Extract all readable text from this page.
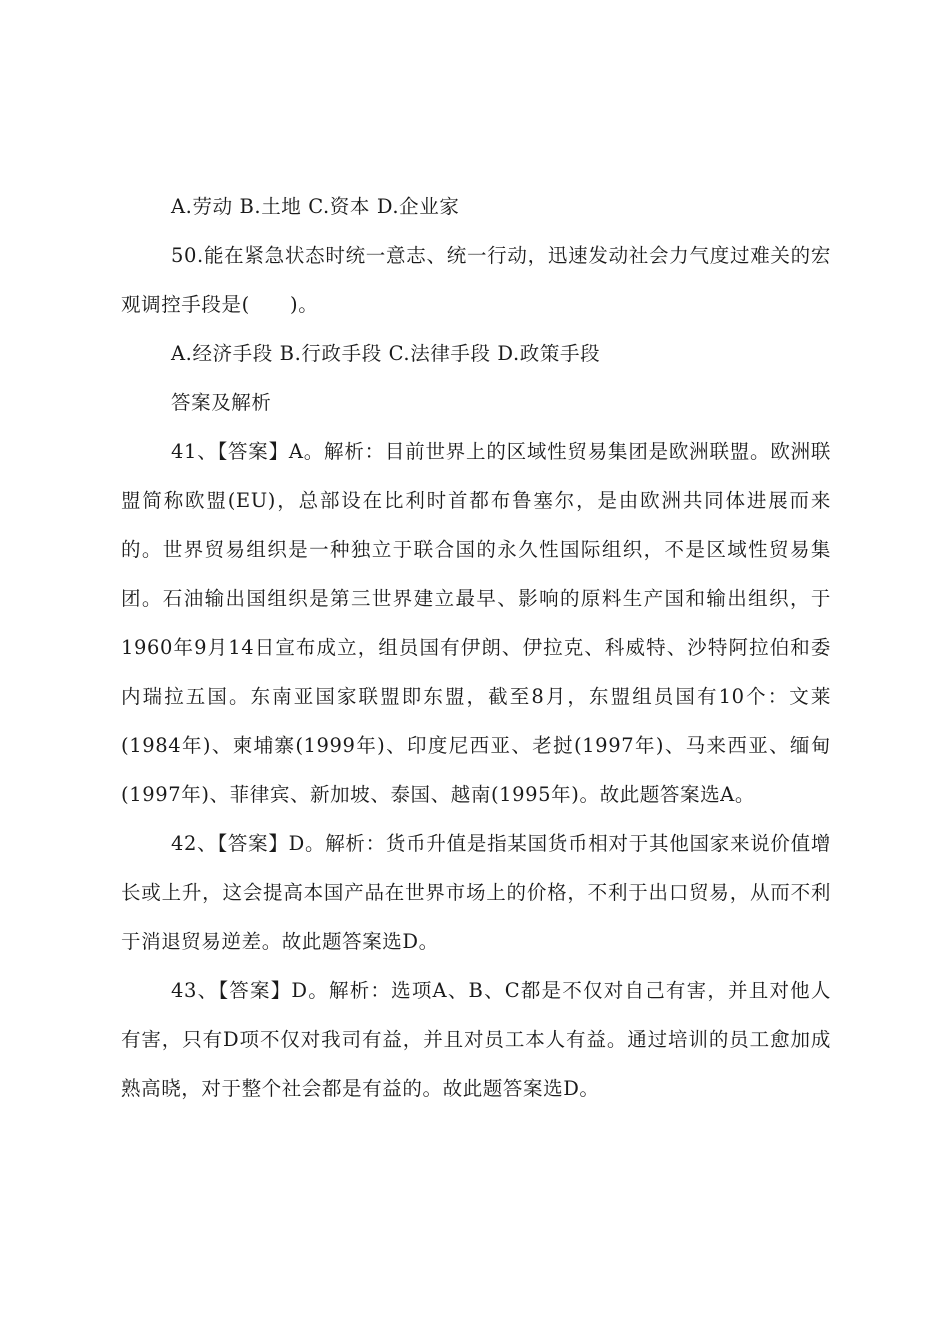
A.劳动 B.土地 C.资本 D.企业家

50.能在紧急状态时统一意志、统一行动，迅速发动社会力气度过难关的宏观调控手段是(　　)。

A.经济手段 B.行政手段 C.法律手段 D.政策手段

答案及解析

41、【答案】A。解析：目前世界上的区域性贸易集团是欧洲联盟。欧洲联盟简称欧盟(EU)，总部设在比利时首都布鲁塞尔，是由欧洲共同体进展而来的。世界贸易组织是一种独立于联合国的永久性国际组织，不是区域性贸易集团。石油输出国组织是第三世界建立最早、影响的原料生产国和输出组织，于1960年9月14日宣布成立，组员国有伊朗、伊拉克、科威特、沙特阿拉伯和委内瑞拉五国。东南亚国家联盟即东盟，截至8月，东盟组员国有10个：文莱(1984年)、柬埔寨(1999年)、印度尼西亚、老挝(1997年)、马来西亚、缅甸(1997年)、菲律宾、新加坡、泰国、越南(1995年)。故此题答案选A。

42、【答案】D。解析：货币升值是指某国货币相对于其他国家来说价值增长或上升，这会提高本国产品在世界市场上的价格，不利于出口贸易，从而不利于消退贸易逆差。故此题答案选D。

43、【答案】D。解析：选项A、B、C都是不仅对自己有害，并且对他人有害，只有D项不仅对我司有益，并且对员工本人有益。通过培训的员工愈加成熟高晓，对于整个社会都是有益的。故此题答案选D。
